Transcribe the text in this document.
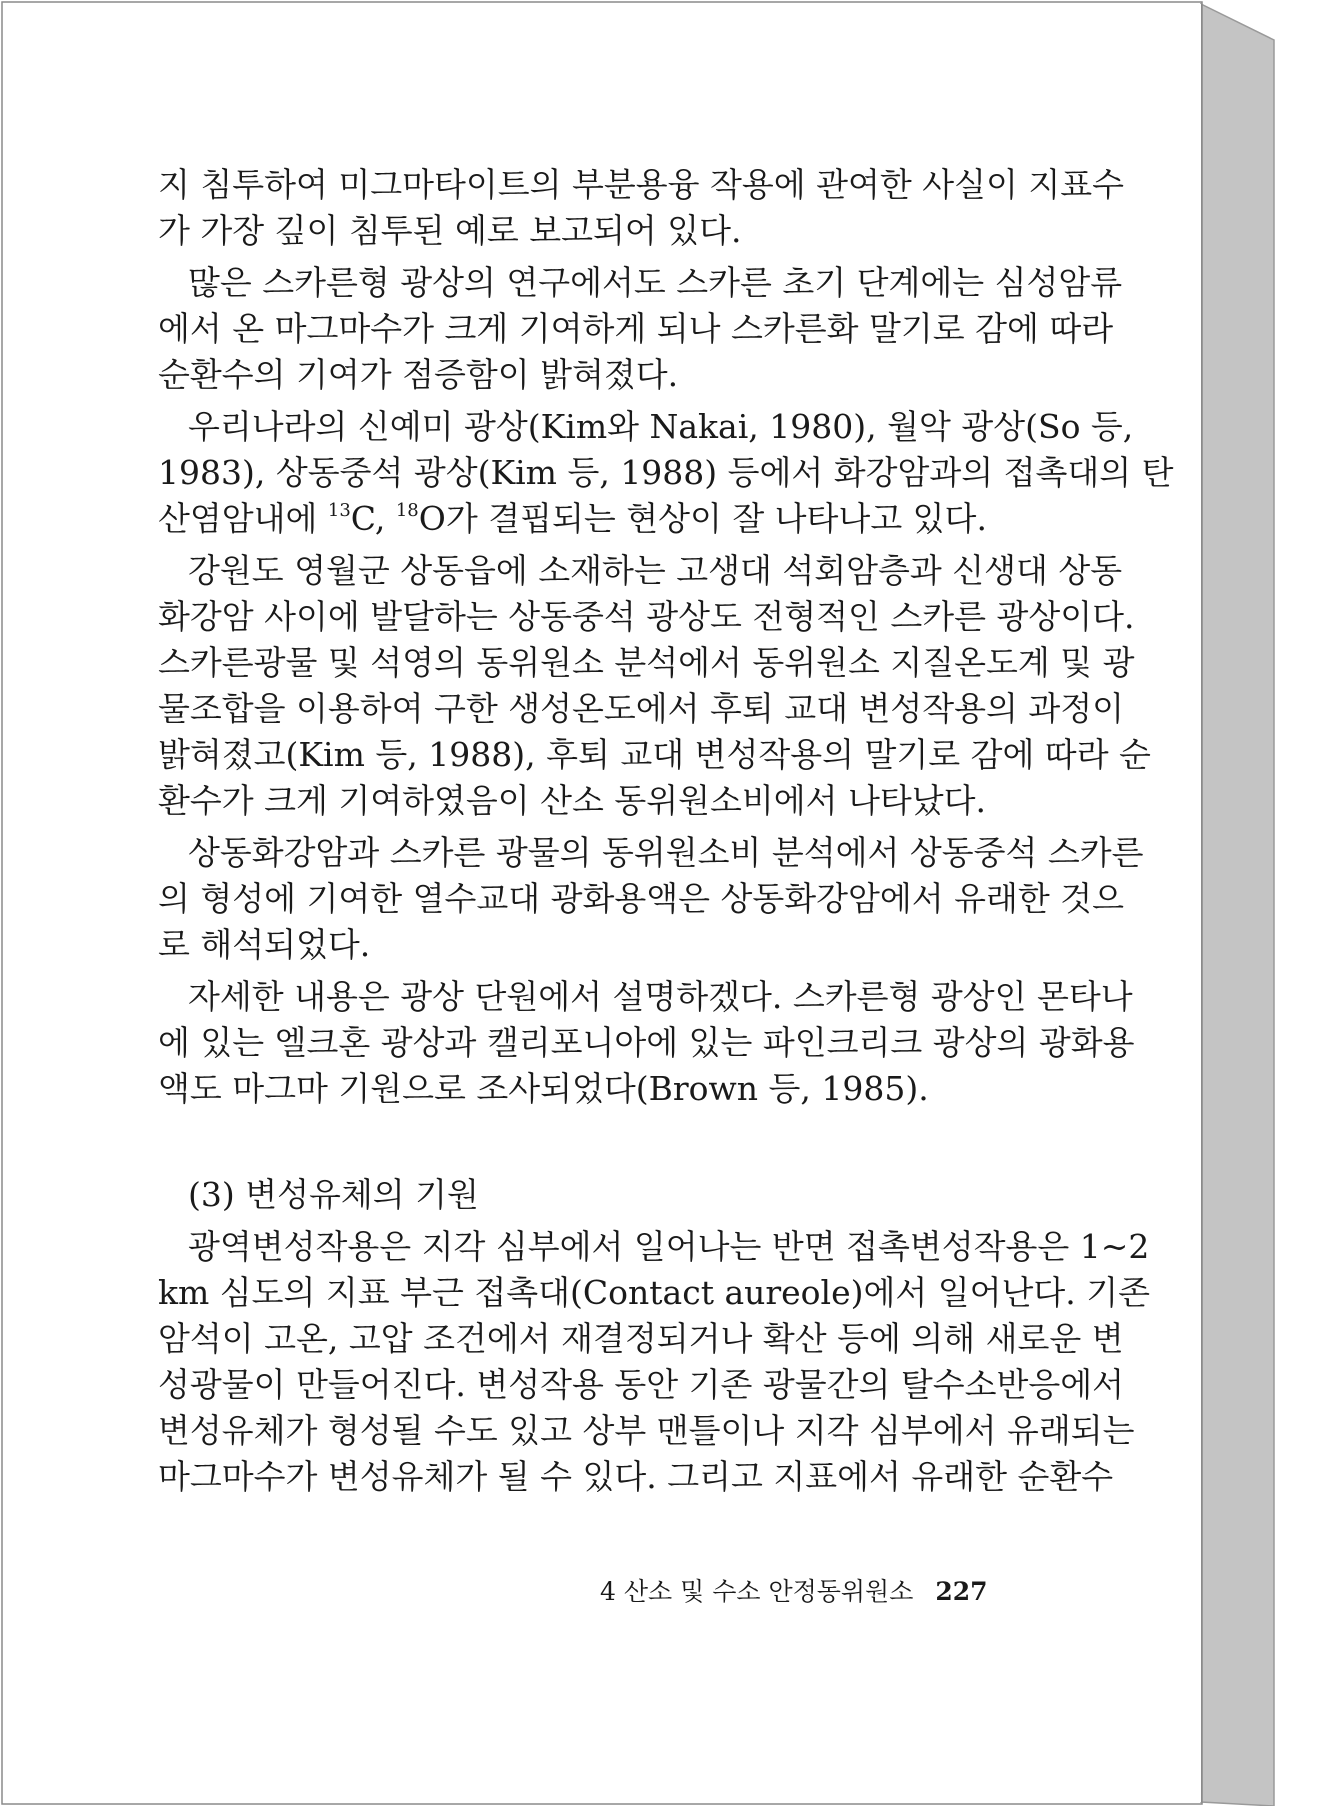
지 침투하여 미그마타이트의 부분용융 작용에 관여한 사실이 지표수
가 가장 깊이 침투된 예로 보고되어 있다.
많은 스카른형 광상의 연구에서도 스카른 초기 단계에는 심성암류
에서 온 마그마수가 크게 기여하게 되나 스카른화 말기로 감에 따라
순환수의 기여가 점증함이 밝혀졌다.
우리나라의 신예미 광상(Kim와 Nakai, 1980), 월악 광상(So 등,
1983), 상동중석 광상(Kim 등, 1988) 등에서 화강암과의 접촉대의 탄
산염암내에 $^{13}$C, $^{18}$O가 결핍되는 현상이 잘 나타나고 있다.
강원도 영월군 상동읍에 소재하는 고생대 석회암층과 신생대 상동
화강암 사이에 발달하는 상동중석 광상도 전형적인 스카른 광상이다.
스카른광물 및 석영의 동위원소 분석에서 동위원소 지질온도계 및 광
물조합을 이용하여 구한 생성온도에서 후퇴 교대 변성작용의 과정이
밝혀졌고(Kim 등, 1988), 후퇴 교대 변성작용의 말기로 감에 따라 순
환수가 크게 기여하였음이 산소 동위원소비에서 나타났다.
상동화강암과 스카른 광물의 동위원소비 분석에서 상동중석 스카른
의 형성에 기여한 열수교대 광화용액은 상동화강암에서 유래한 것으
로 해석되었다.
자세한 내용은 광상 단원에서 설명하겠다. 스카른형 광상인 몬타나
에 있는 엘크혼 광상과 캘리포니아에 있는 파인크리크 광상의 광화용
액도 마그마 기원으로 조사되었다(Brown 등, 1985).
(3) 변성유체의 기원
광역변성작용은 지각 심부에서 일어나는 반면 접촉변성작용은 1~2
km 심도의 지표 부근 접촉대(Contact aureole)에서 일어난다. 기존
암석이 고온, 고압 조건에서 재결정되거나 확산 등에 의해 새로운 변
성광물이 만들어진다. 변성작용 동안 기존 광물간의 탈수소반응에서
변성유체가 형성될 수도 있고 상부 맨틀이나 지각 심부에서 유래되는
마그마수가 변성유체가 될 수 있다. 그리고 지표에서 유래한 순환수
4 산소 및 수소 안정동위원소 227
